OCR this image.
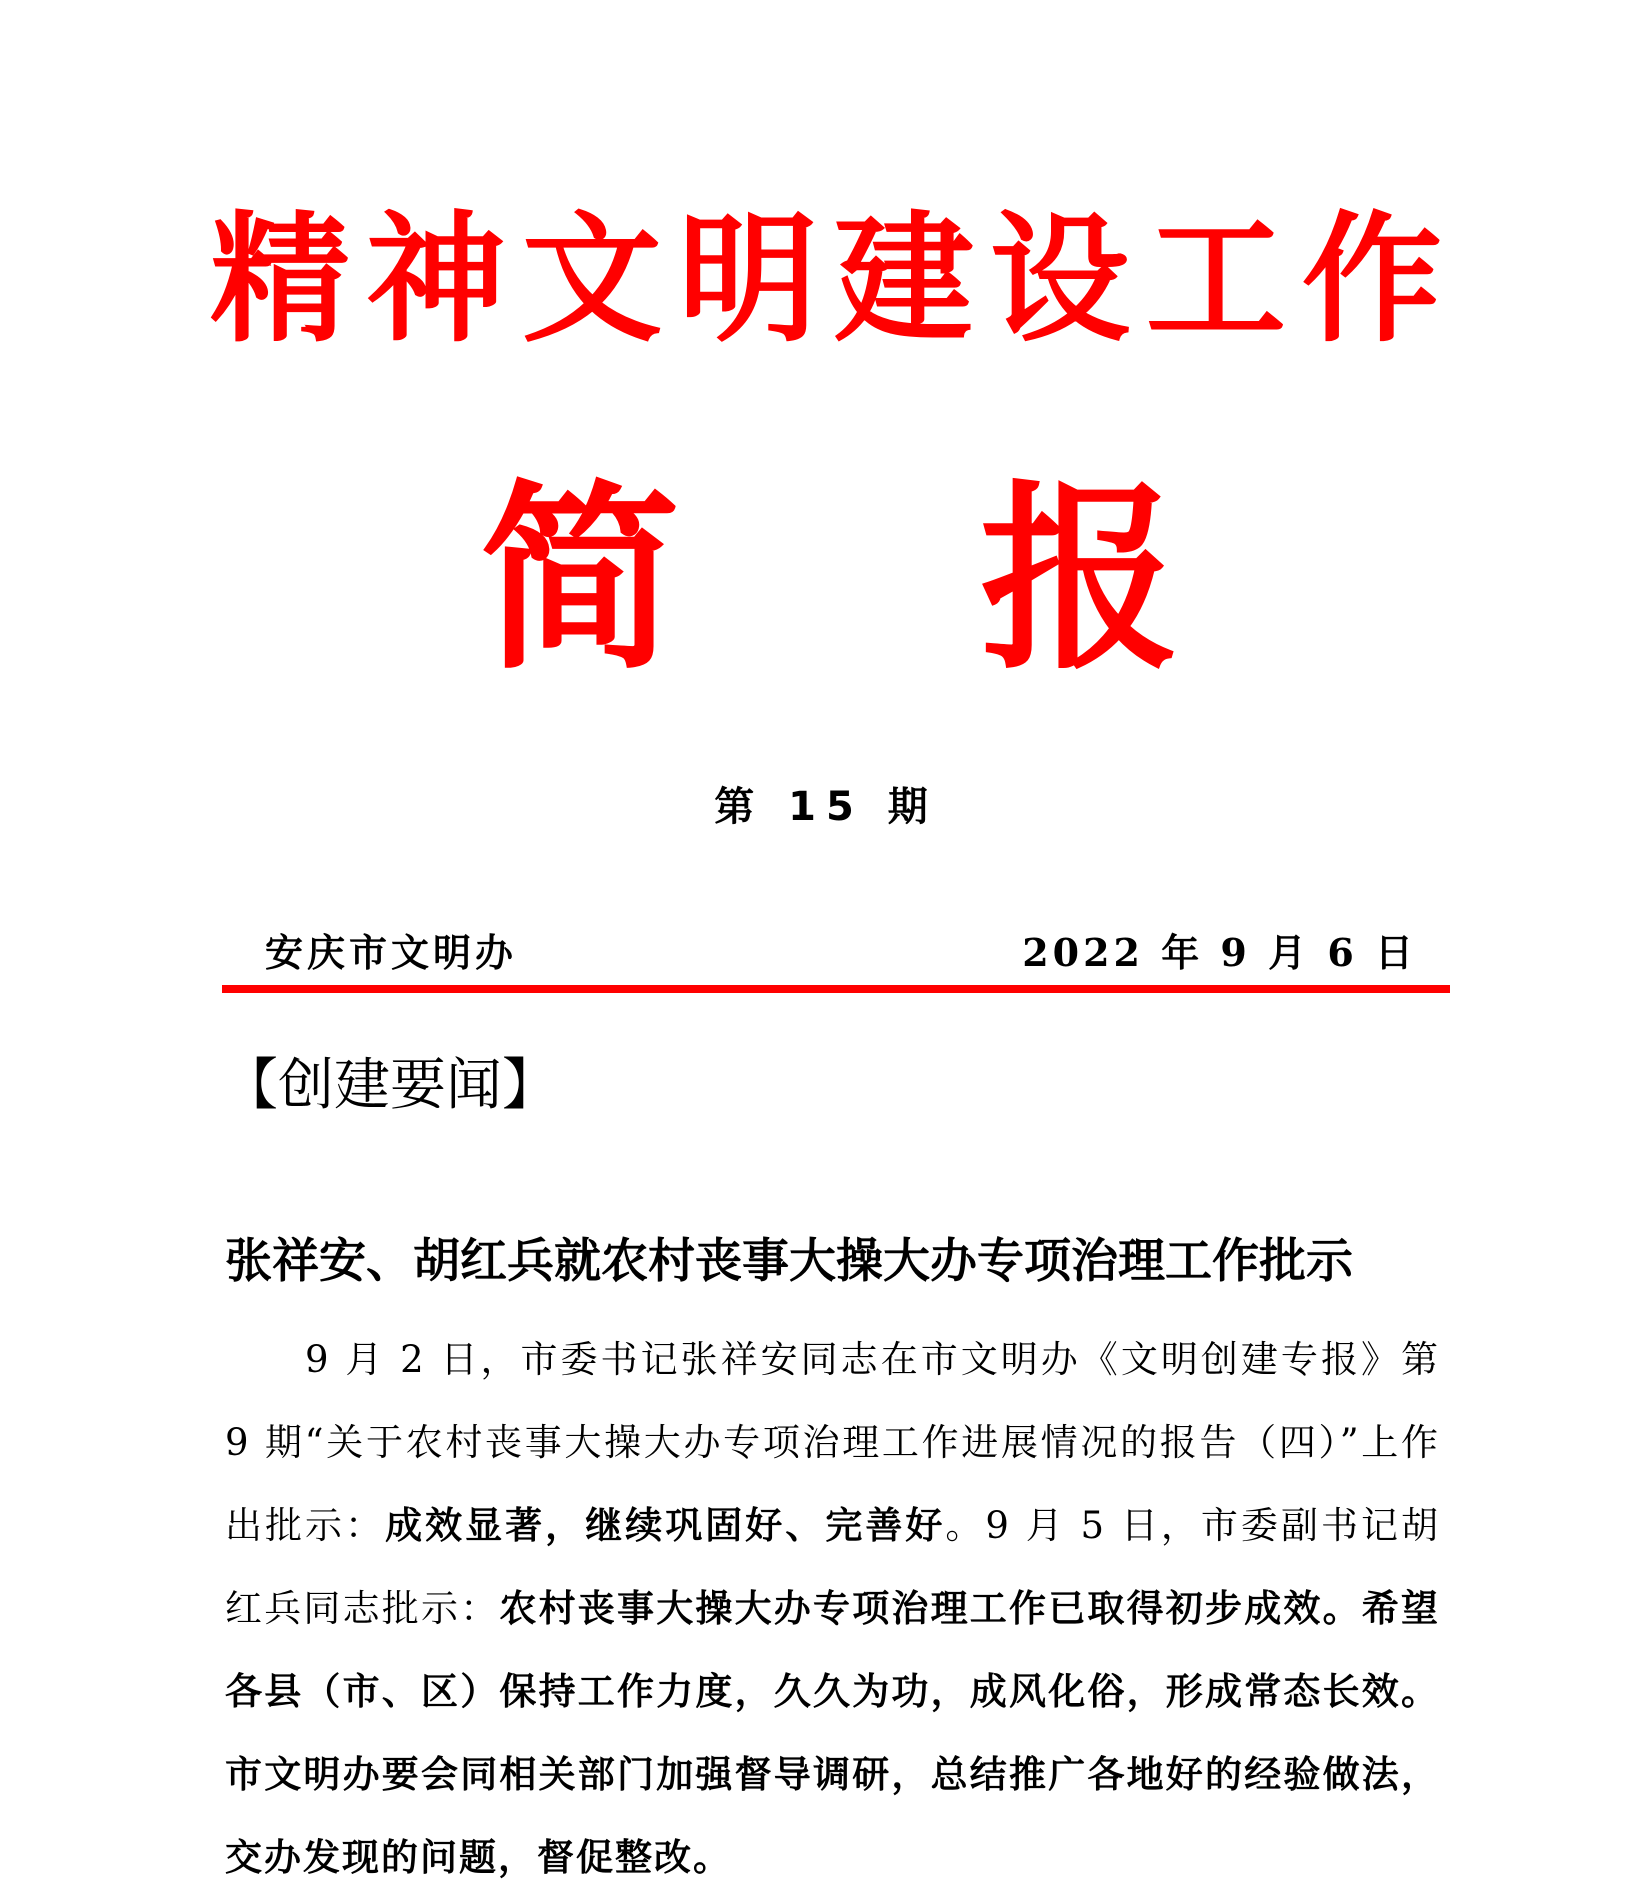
精 神 文 明 建 设 工 作
简 报
第 15 期
安庆市文明办	2022 年 9 月 6 日
【创建要闻】
张祥安、胡红兵就农村丧事大操大办专项治理工作批示

9 月 2 日，市委书记张祥安同志在市文明办《文明创建专报》第 9 期“关于农村丧事大操大办专项治理工作进展情况的报告（四）”上作出批示：成效显著，继续巩固好、完善好。9 月 5 日，市委副书记胡红兵同志批示：农村丧事大操大办专项治理工作已取得初步成效。希望各县（市、区）保持工作力度，久久为功，成风化俗，形成常态长效。市文明办要会同相关部门加强督导调研，总结推广各地好的经验做法，交办发现的问题，督促整改。
